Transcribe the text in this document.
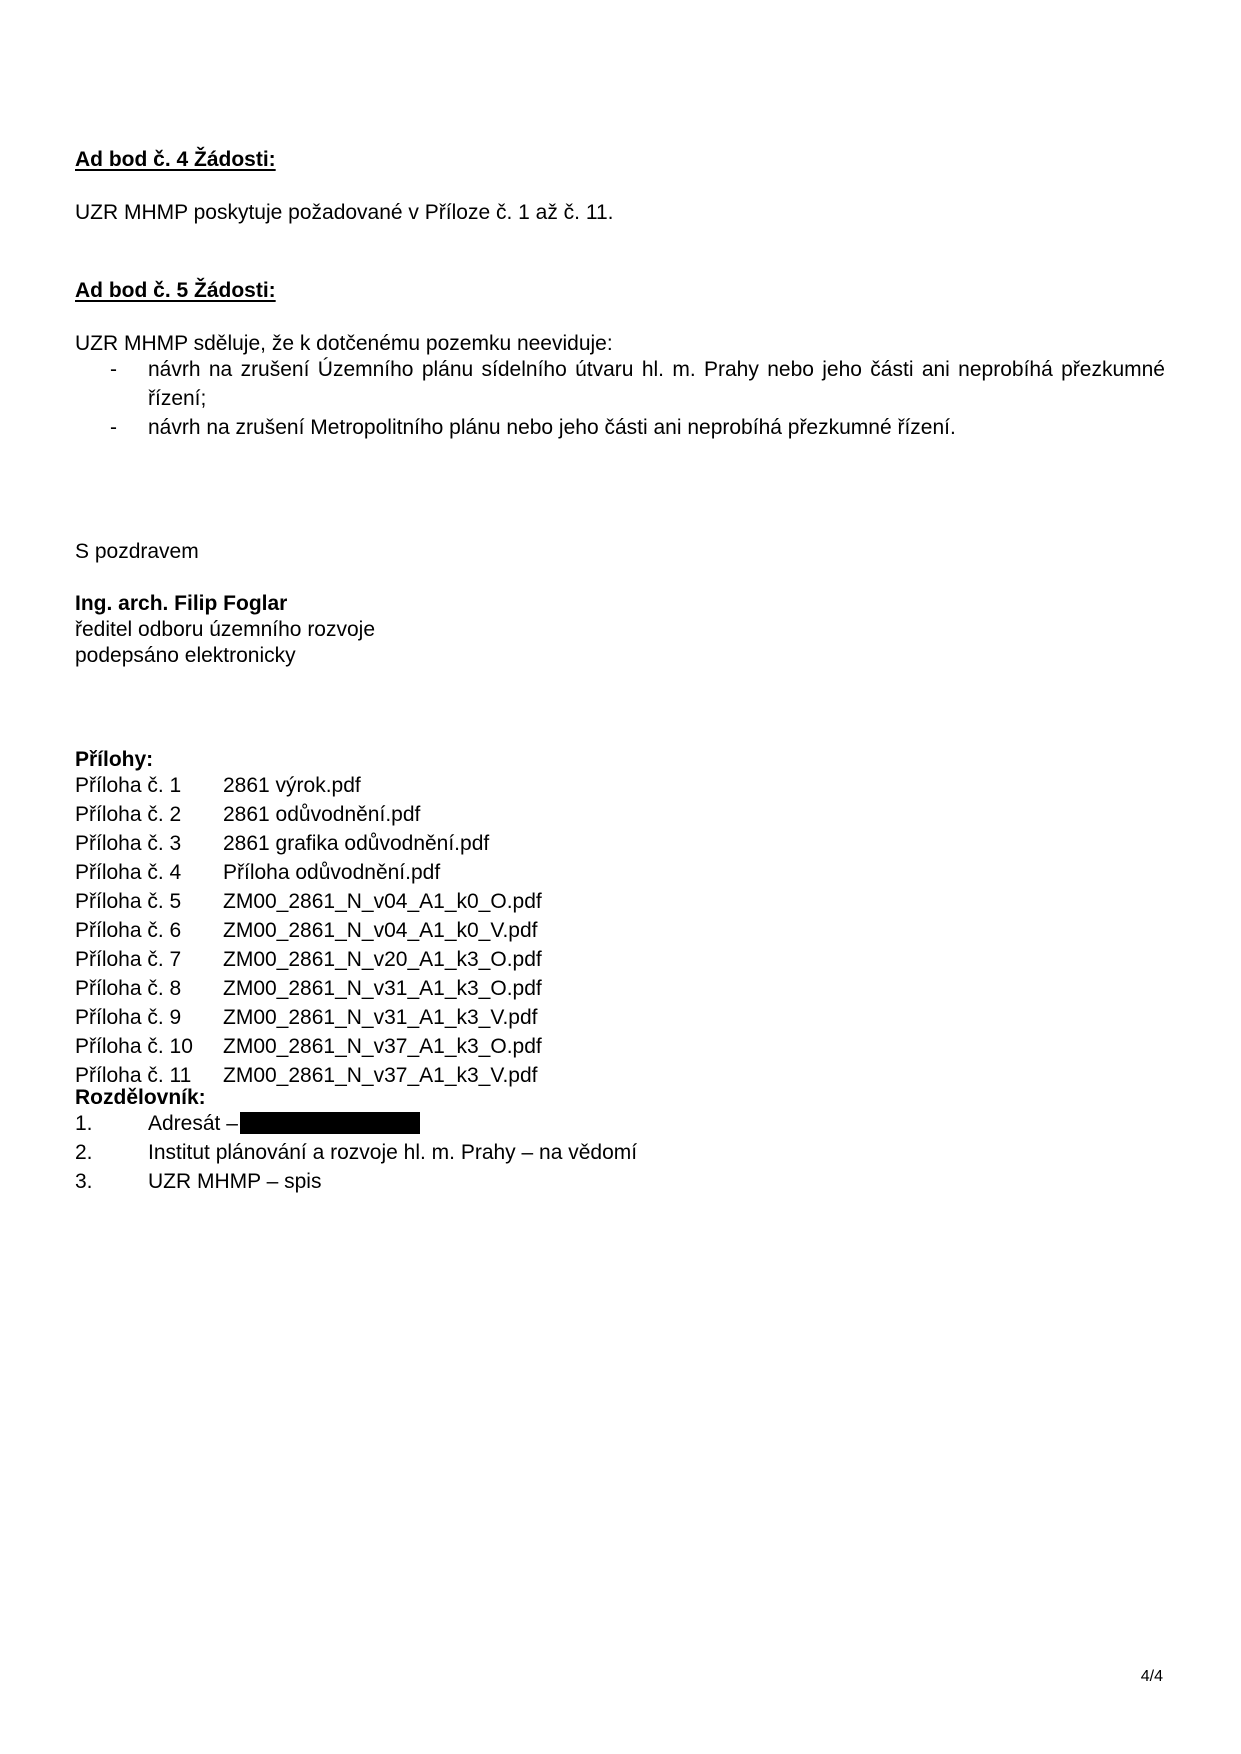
Ad bod č. 4 Žádosti:
UZR MHMP poskytuje požadované v Příloze č. 1 až č. 11.
Ad bod č. 5 Žádosti:
UZR MHMP sděluje, že k dotčenému pozemku neeviduje:
- návrh na zrušení Územního plánu sídelního útvaru hl. m. Prahy nebo jeho části ani neprobíhá přezkumné řízení;
- návrh na zrušení Metropolitního plánu nebo jeho části ani neprobíhá přezkumné řízení.
S pozdravem
Ing. arch. Filip Foglar
ředitel odboru územního rozvoje
podepsáno elektronicky
Přílohy:
Příloha č. 1	2861 výrok.pdf
Příloha č. 2	2861 odůvodnění.pdf
Příloha č. 3	2861 grafika odůvodnění.pdf
Příloha č. 4	Příloha odůvodnění.pdf
Příloha č. 5	ZM00_2861_N_v04_A1_k0_O.pdf
Příloha č. 6	ZM00_2861_N_v04_A1_k0_V.pdf
Příloha č. 7	ZM00_2861_N_v20_A1_k3_O.pdf
Příloha č. 8	ZM00_2861_N_v31_A1_k3_O.pdf
Příloha č. 9	ZM00_2861_N_v31_A1_k3_V.pdf
Příloha č. 10	ZM00_2861_N_v37_A1_k3_O.pdf
Příloha č. 11	ZM00_2861_N_v37_A1_k3_V.pdf
Rozdělovník:
1.	Adresát –
2.	Institut plánování a rozvoje hl. m. Prahy – na vědomí
3.	UZR MHMP – spis
4/4
